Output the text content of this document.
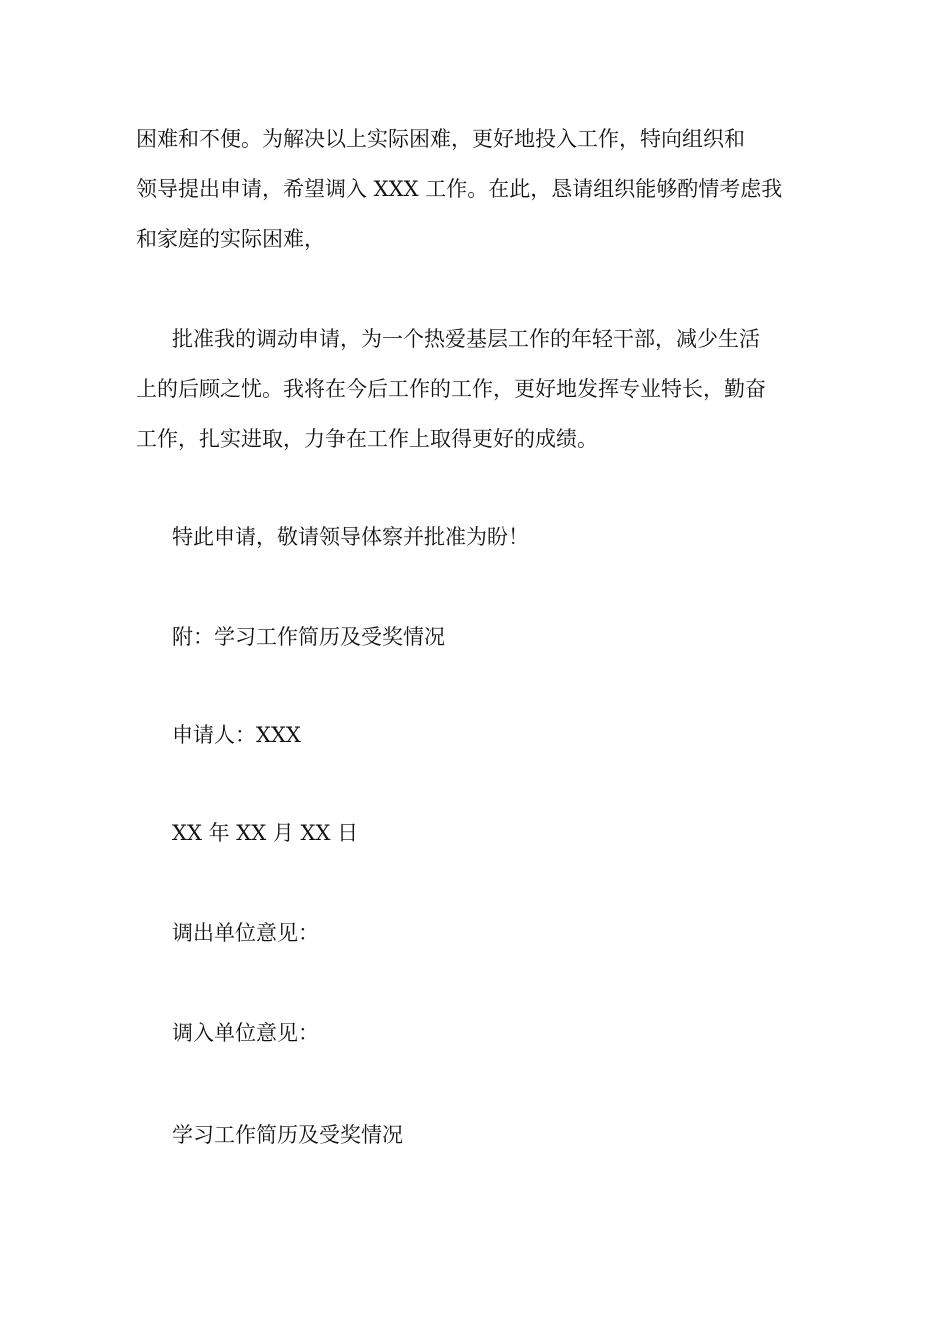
困难和不便。为解决以上实际困难，更好地投入工作，特向组织和

领导提出申请，希望调入 XXX 工作。在此，恳请组织能够酌情考虑我

和家庭的实际困难，

批准我的调动申请，为一个热爱基层工作的年轻干部，减少生活

上的后顾之忧。我将在今后工作的工作，更好地发挥专业特长，勤奋

工作，扎实进取，力争在工作上取得更好的成绩。

特此申请，敬请领导体察并批准为盼！

附：学习工作简历及受奖情况

申请人：XXX

XX 年 XX 月 XX 日

调出单位意见：

调入单位意见：

学习工作简历及受奖情况
